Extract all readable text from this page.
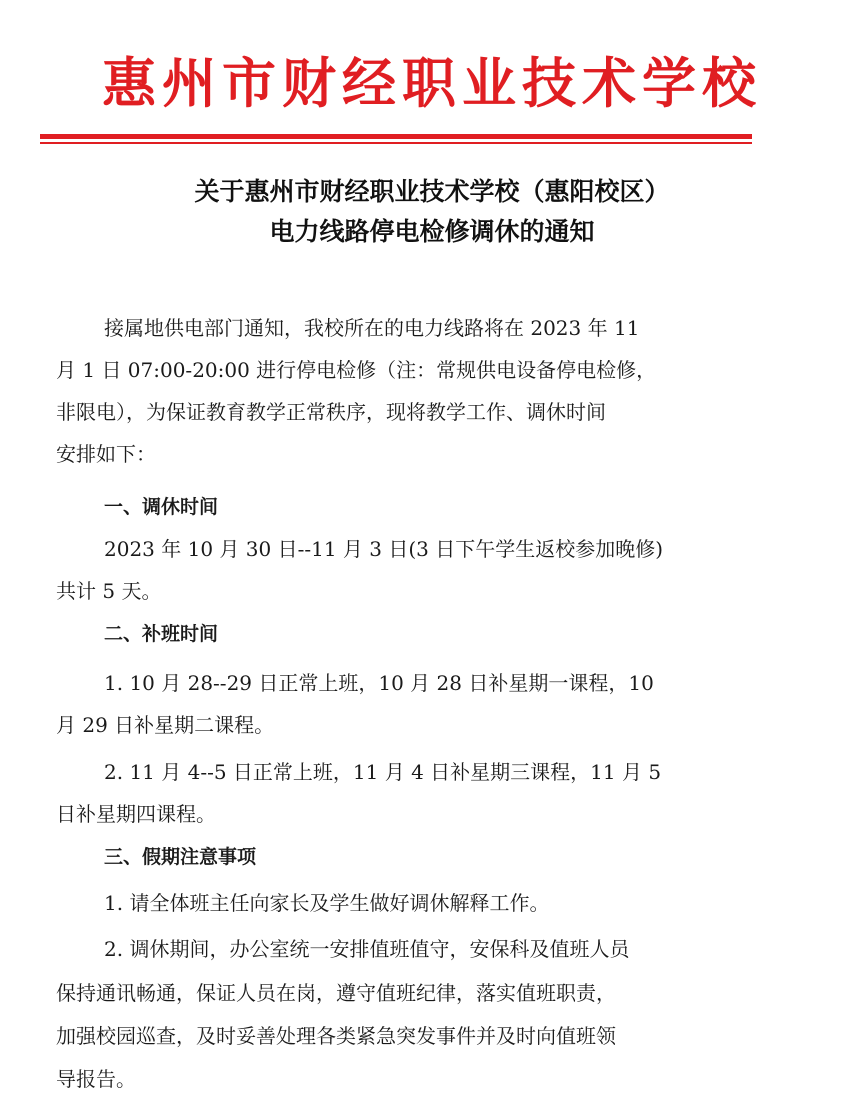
惠州市财经职业技术学校
关于惠州市财经职业技术学校（惠阳校区）
电力线路停电检修调休的通知
接属地供电部门通知，我校所在的电力线路将在 2023 年 11
月 1 日 07:00-20:00 进行停电检修（注：常规供电设备停电检修，
非限电），为保证教育教学正常秩序，现将教学工作、调休时间
安排如下：
一、调休时间
2023 年 10 月 30 日--11 月 3 日(3 日下午学生返校参加晚修)
共计 5 天。
二、补班时间
1. 10 月 28--29 日正常上班，10 月 28 日补星期一课程，10
月 29 日补星期二课程。
2. 11 月 4--5 日正常上班，11 月 4 日补星期三课程，11 月 5
日补星期四课程。
三、假期注意事项
1. 请全体班主任向家长及学生做好调休解释工作。
2. 调休期间，办公室统一安排值班值守，安保科及值班人员
保持通讯畅通，保证人员在岗，遵守值班纪律，落实值班职责，
加强校园巡查，及时妥善处理各类紧急突发事件并及时向值班领
导报告。
